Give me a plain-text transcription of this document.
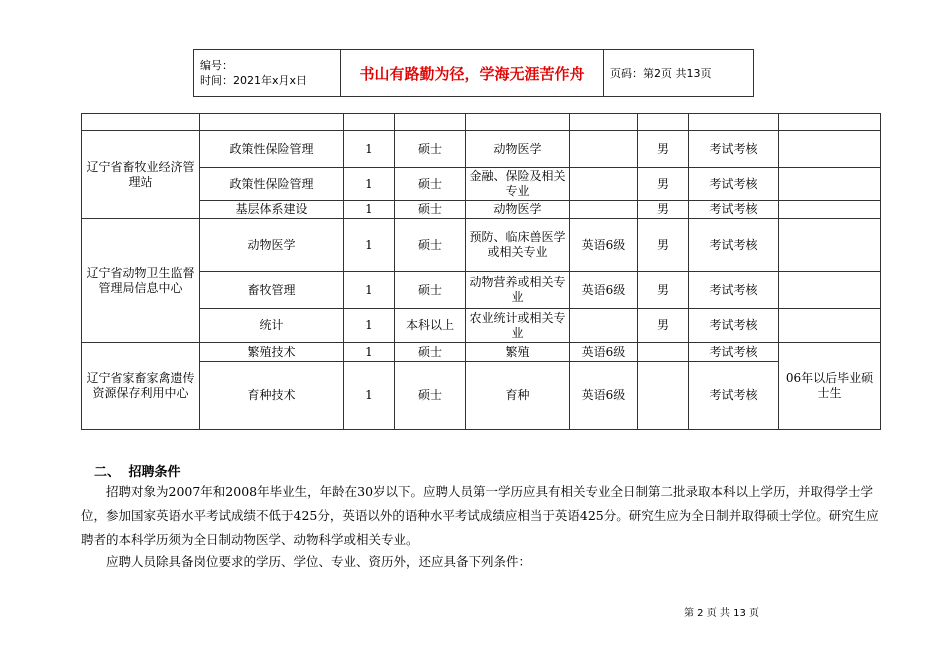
编号：
时间：2021年x月x日	书山有路勤为径，学海无涯苦作舟	页码：第2页 共13页

辽宁省畜牧业经济管理站	政策性保险管理	1	硕士	动物医学		男	考试考核	
	政策性保险管理	1	硕士	金融、保险及相关专业		男	考试考核	
	基层体系建设	1	硕士	动物医学		男	考试考核	
辽宁省动物卫生监督管理局信息中心	动物医学	1	硕士	预防、临床兽医学或相关专业	英语6级	男	考试考核	
	畜牧管理	1	硕士	动物营养或相关专业	英语6级	男	考试考核	
	统计	1	本科以上	农业统计或相关专业		男	考试考核	
辽宁省家畜家禽遗传资源保存利用中心	繁殖技术	1	硕士	繁殖	英语6级		考试考核	06年以后毕业硕士生
	育种技术	1	硕士	育种	英语6级		考试考核	
二、 招聘条件

招聘对象为2007年和2008年毕业生，年龄在30岁以下。应聘人员第一学历应具有相关专业全日制第二批录取本科以上学历，并取得学士学位，参加国家英语水平考试成绩不低于425分，英语以外的语种水平考试成绩应相当于英语425分。研究生应为全日制并取得硕士学位。研究生应聘者的本科学历须为全日制动物医学、动物科学或相关专业。

应聘人员除具备岗位要求的学历、学位、专业、资历外，还应具备下列条件：

第 2 页 共 13 页
